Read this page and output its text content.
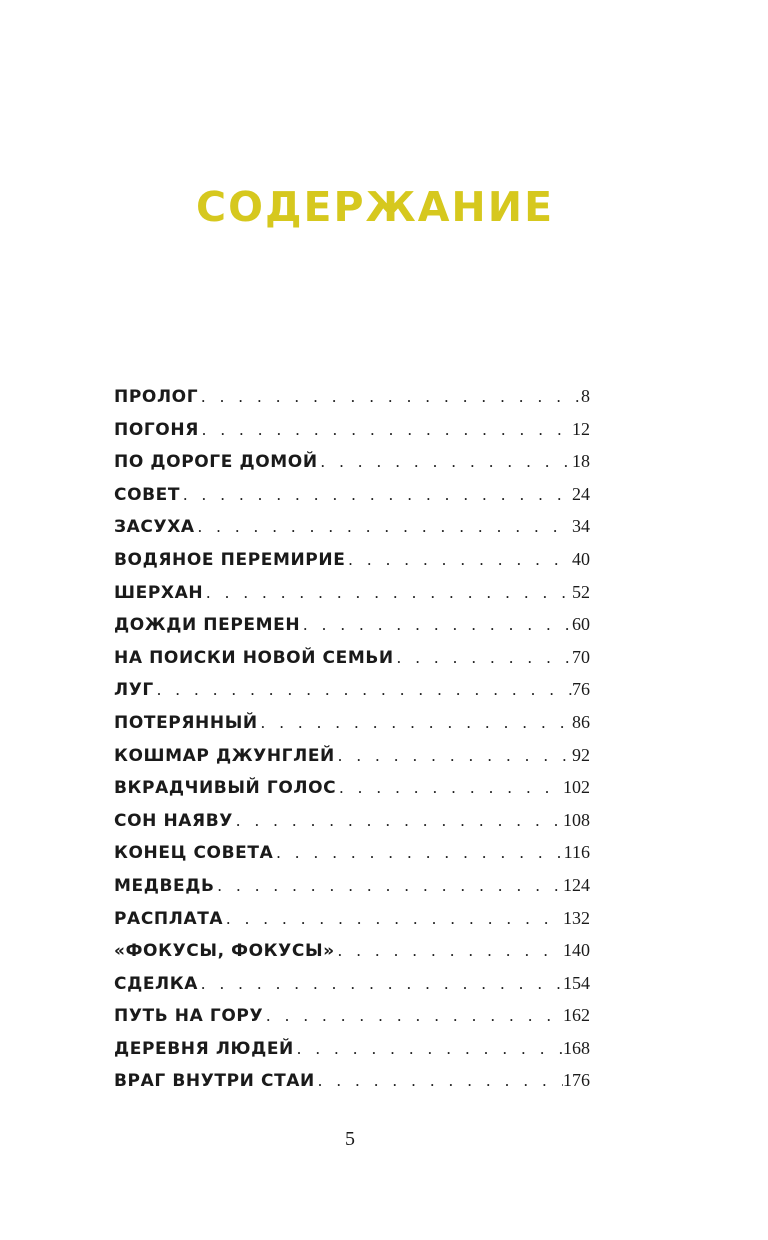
СОДЕРЖАНИЕ
ПРОЛОГ . . .	8
ПОГОНЯ . . .	12
ПО ДОРОГЕ ДОМОЙ . . .	18
СОВЕТ . . .	24
ЗАСУХА . . .	34
ВОДЯНОЕ ПЕРЕМИРИЕ . . .	40
ШЕРХАН . . .	52
ДОЖДИ ПЕРЕМЕН . . .	60
НА ПОИСКИ НОВОЙ СЕМЬИ . . .	70
ЛУГ . . .	76
ПОТЕРЯННЫЙ . . .	86
КОШМАР ДЖУНГЛЕЙ . . .	92
ВКРАДЧИВЫЙ ГОЛОС . . .	102
СОН НАЯВУ . . .	108
КОНЕЦ СОВЕТА . . .	116
МЕДВЕДЬ . . .	124
РАСПЛАТА . . .	132
«ФОКУСЫ, ФОКУСЫ» . . .	140
СДЕЛКА . . .	154
ПУТЬ НА ГОРУ . . .	162
ДЕРЕВНЯ ЛЮДЕЙ . . .	168
ВРАГ ВНУТРИ СТАИ . . .	176
5
